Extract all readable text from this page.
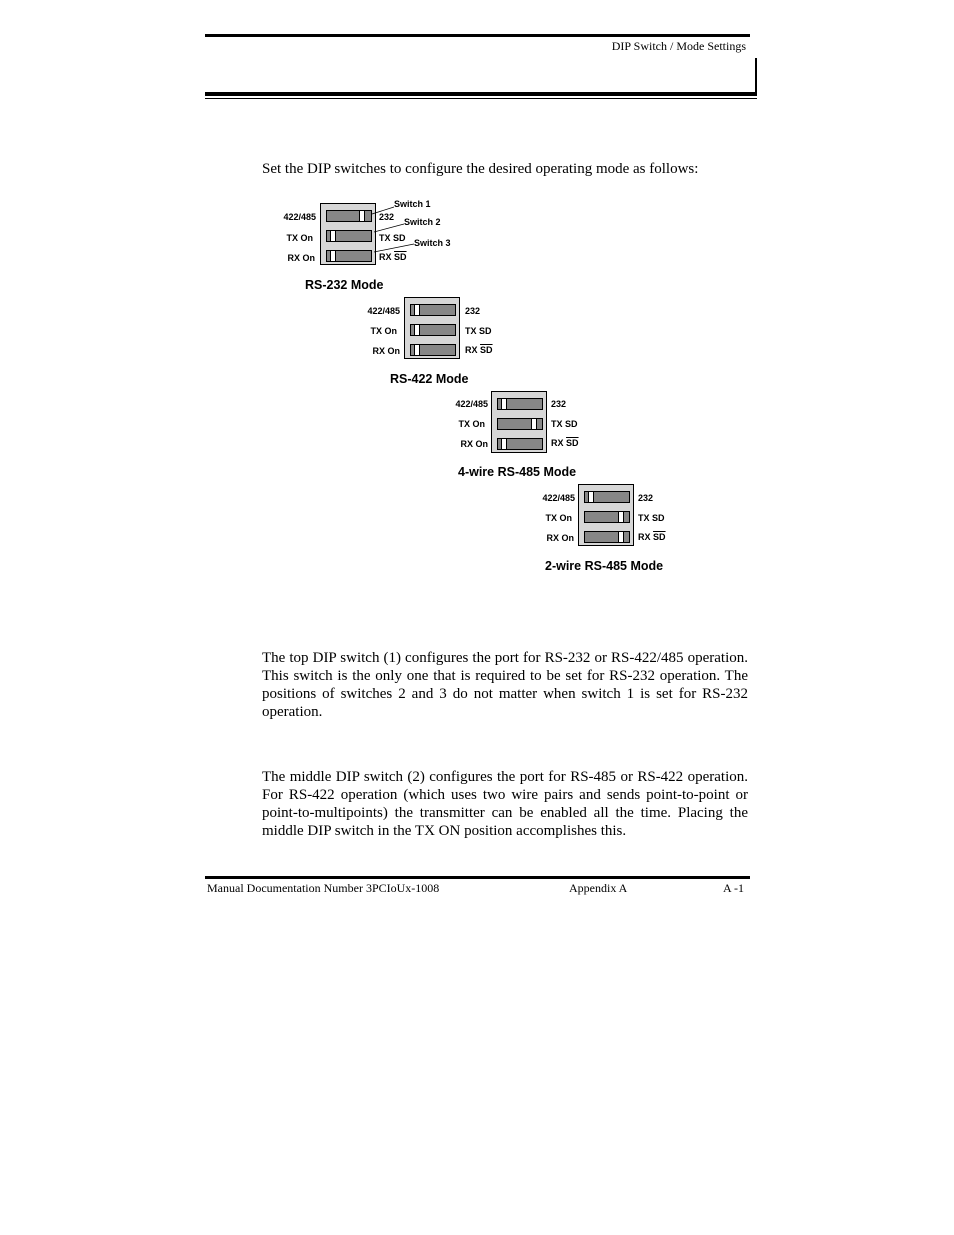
DIP Switch / Mode Settings
Set the DIP switches to configure the desired operating mode as follows:
422/485
TX On
RX On
232
TX SD
RX $\overline{SD}$
Switch 1
Switch 2
Switch 3
RS-232 Mode
422/485
TX On
RX On
232
TX SD
RX $\overline{SD}$
RS-422 Mode
422/485
TX On
RX On
232
TX SD
RX $\overline{SD}$
4-wire RS-485 Mode
422/485
TX On
RX On
232
TX SD
RX $\overline{SD}$
2-wire RS-485 Mode
The top DIP switch (1) configures the port for RS-232 or RS-422/485 operation. This switch is the only one that is required to be set for RS-232 operation. The positions of switches 2 and 3 do not matter when switch 1 is set for RS-232 operation.
The middle DIP switch (2) configures the port for RS-485 or RS-422 operation. For RS-422 operation (which uses two wire pairs and sends point-to-point or point-to-multipoints) the transmitter can be enabled all the time. Placing the middle DIP switch in the TX ON position accomplishes this.
Manual Documentation Number 3PCIoUx-1008	Appendix A	A -1
